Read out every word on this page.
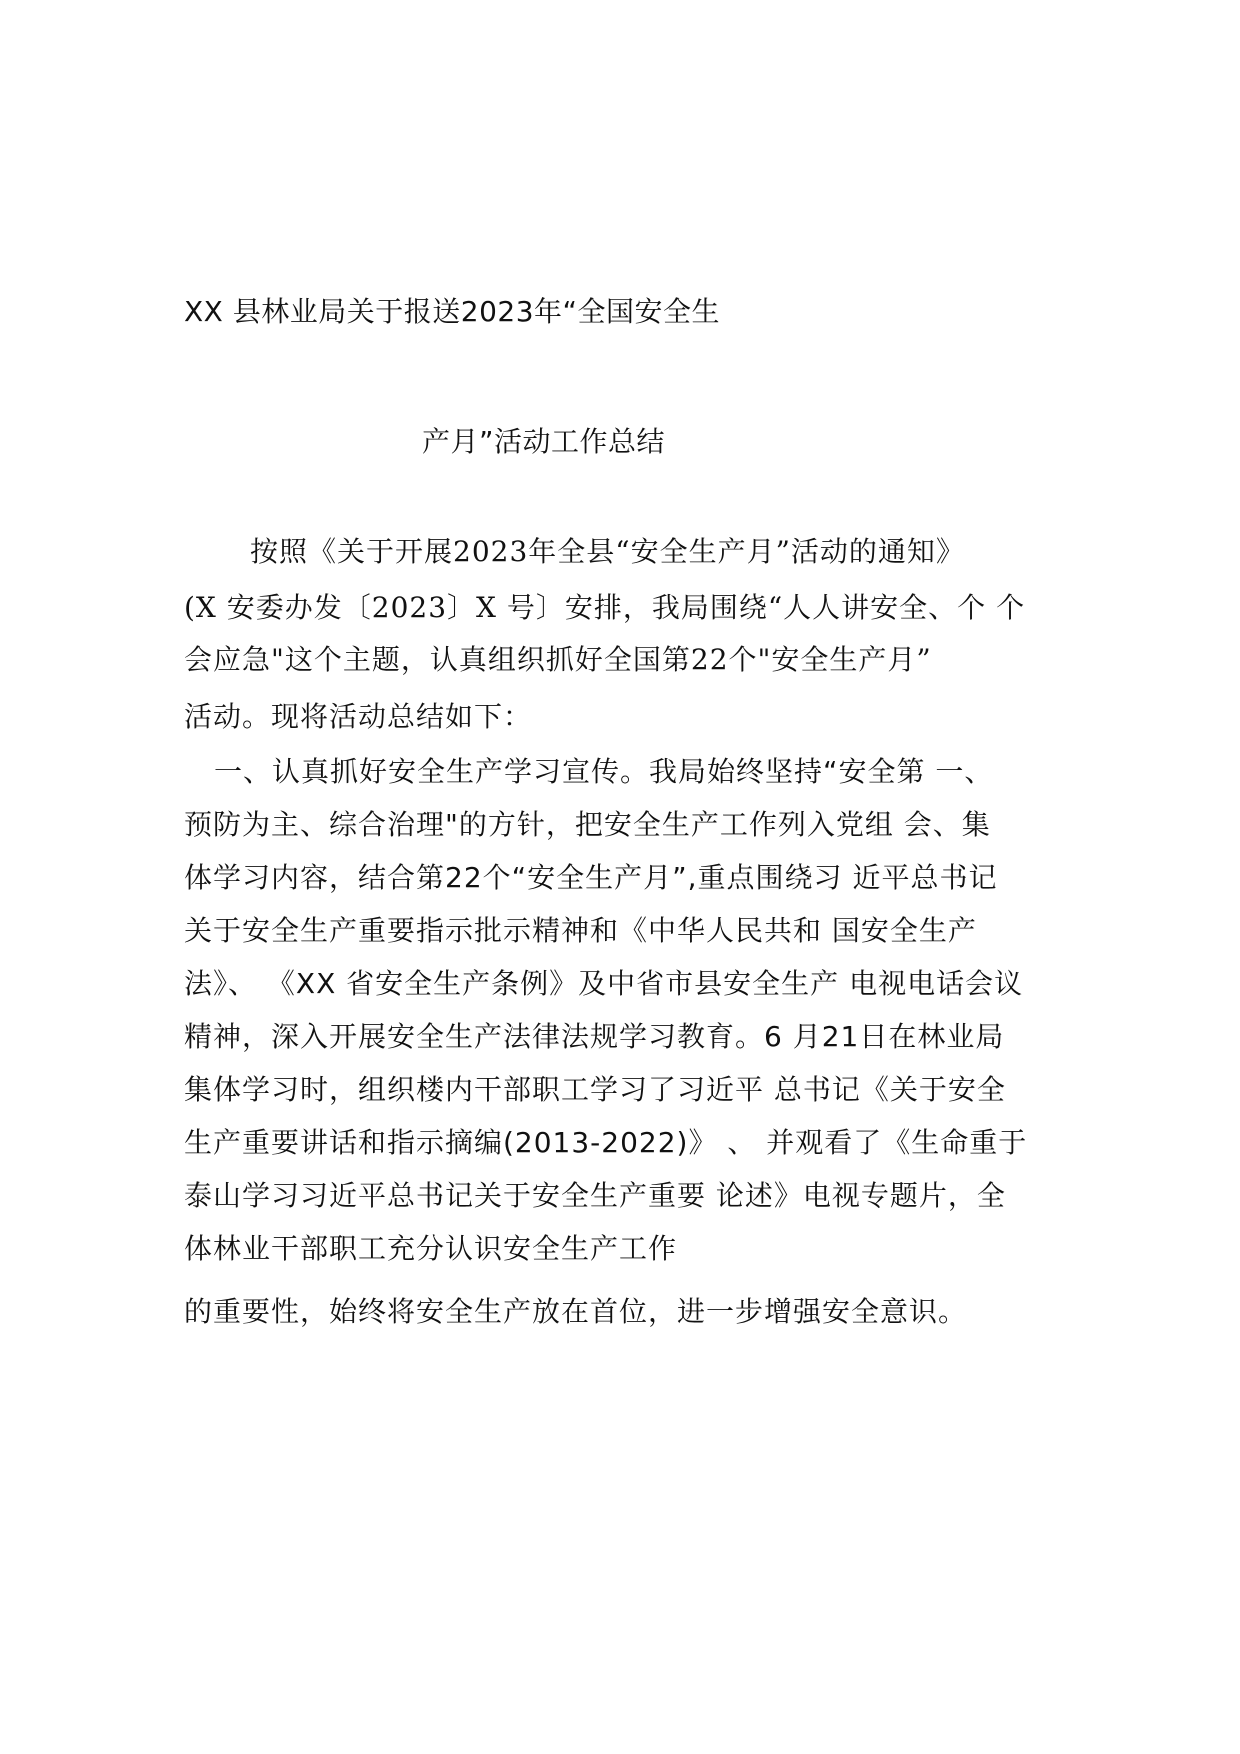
XX 县林业局关于报送2023年“全国安全生
产月”活动工作总结
按照《关于开展2023年全县“安全生产月”活动的通知》
(X 安委办发〔2023〕X 号〕安排，我局围绕“人人讲安全、个 个
会应急"这个主题，认真组织抓好全国第22个"安全生产月”
活动。现将活动总结如下：
一、认真抓好安全生产学习宣传。我局始终坚持“安全第 一、
预防为主、综合治理"的方针，把安全生产工作列入党组 会、集
体学习内容，结合第22个“安全生产月”,重点围绕习 近平总书记
关于安全生产重要指示批示精神和《中华人民共和 国安全生产
法》、 《XX 省安全生产条例》及中省市县安全生产 电视电话会议
精神，深入开展安全生产法律法规学习教育。6 月21日在林业局
集体学习时，组织楼内干部职工学习了习近平 总书记《关于安全
生产重要讲话和指示摘编(2013-2022)》 、 并观看了《生命重于
泰山学习习近平总书记关于安全生产重要 论述》电视专题片，全
体林业干部职工充分认识安全生产工作
的重要性，始终将安全生产放在首位，进一步增强安全意识。
